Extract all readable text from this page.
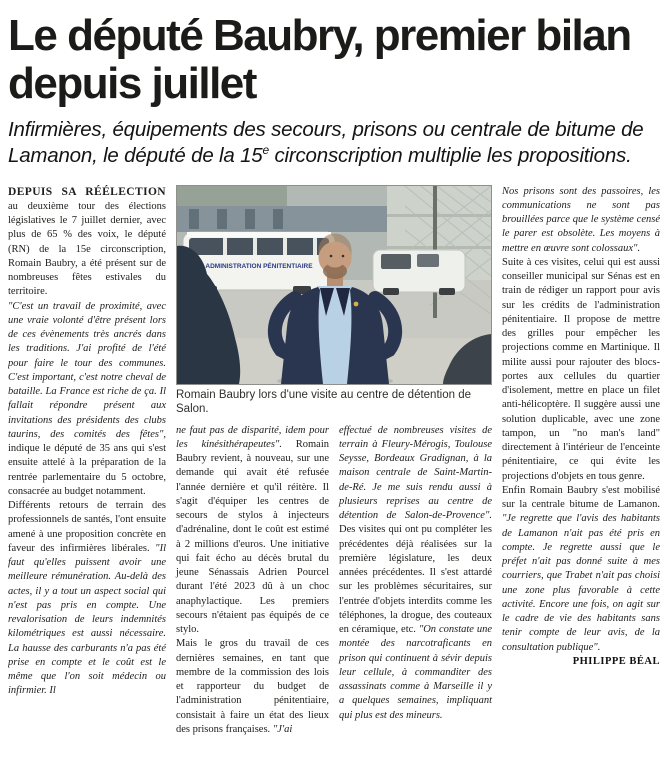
Le député Baubry, premier bilan depuis juillet

Infirmières, équipements des secours, prisons ou centrale de bitume de Lamanon, le député de la 15e circonscription multiplie les propositions.

DEPUIS SA RÉÉLECTION au deuxième tour des élections législatives le 7 juillet dernier, avec plus de 65 % des voix, le député (RN) de la 15e circonscription, Romain Baubry, a été présent sur de nombreuses fêtes estivales du territoire.

"C'est un travail de proximité, avec une vraie volonté d'être présent lors de ces évènements très ancrés dans les traditions. J'ai profité de l'été pour faire le tour des communes. C'est important, c'est notre cheval de bataille. La France est riche de ça. Il fallait répondre présent aux invitations des présidents des clubs taurins, des comités des fêtes", indique le député de 35 ans qui s'est ensuite attelé à la préparation de la rentrée parlementaire du 5 octobre, consacrée au budget notamment.

Différents retours de terrain des professionnels de santés, l'ont ensuite amené à une proposition concrète en faveur des infirmières libérales. "Il faut qu'elles puissent avoir une meilleure rémunération. Au-delà des actes, il y a tout un aspect social qui n'est pas pris en compte. Une revalorisation de leurs indemnités kilométriques est aussi nécessaire. La hausse des carburants n'a pas été prise en compte et le coût est le même que l'on soit médecin ou infirmier. Il

ADMINISTRATION PÉNITENTIAIRE
Romain Baubry lors d'une visite au centre de détention de Salon.

ne faut pas de disparité, idem pour les kinésithérapeutes". Romain Baubry revient, à nouveau, sur une demande qui avait été refusée l'année dernière et qu'il réitère. Il s'agit d'équiper les centres de secours de stylos à injecteurs d'adrénaline, dont le coût est estimé à 2 millions d'euros. Une initiative qui fait écho au décès brutal du jeune Sénassais Adrien Pourcel durant l'été 2023 dû à un choc anaphylactique. Les premiers secours n'étaient pas équipés de ce stylo.

Mais le gros du travail de ces dernières semaines, en tant que membre de la commission des lois et rapporteur du budget de l'administration pénitentiaire, consistait à faire un état des lieux des prisons françaises. "J'ai

effectué de nombreuses visites de terrain à Fleury-Mérogis, Toulouse Seysse, Bordeaux Gradignan, à la maison centrale de Saint-Martin-de-Ré. Je me suis rendu aussi à plusieurs reprises au centre de détention de Salon-de-Provence". Des visites qui ont pu compléter les précédentes déjà réalisées sur la première législature, les deux années précédentes. Il s'est attardé sur les problèmes sécuritaires, sur l'entrée d'objets interdits comme les téléphones, la drogue, des couteaux en céramique, etc. "On constate une montée des narcotraficants en prison qui continuent à sévir depuis leur cellule, à commanditer des assassinats comme à Marseille il y a quelques semaines, impliquant qui plus est des mineurs.

Nos prisons sont des passoires, les communications ne sont pas brouillées parce que le système censé le parer est obsolète. Les moyens à mettre en œuvre sont colossaux".

Suite à ces visites, celui qui est aussi conseiller municipal sur Sénas est en train de rédiger un rapport pour avis sur les crédits de l'administration pénitentiaire. Il propose de mettre des grilles pour empêcher les projections comme en Martinique. Il milite aussi pour rajouter des blocs-portes aux cellules du quartier d'isolement, mettre en place un filet anti-hélicoptère. Il suggère aussi une solution duplicable, avec une zone tampon, un "no man's land" directement à l'intérieur de l'enceinte pénitentiaire, ce qui évite les projections d'objets en tous genre.

Enfin Romain Baubry s'est mobilisé sur la centrale bitume de Lamanon. "Je regrette que l'avis des habitants de Lamanon n'ait pas été pris en compte. Je regrette aussi que le préfet n'ait pas donné suite à mes courriers, que Trabet n'ait pas choisi une zone plus favorable à cette activité. Encore une fois, on agit sur le cadre de vie des habitants sans tenir compte de leur avis, de la consultation publique".

PHILIPPE BÉAL
